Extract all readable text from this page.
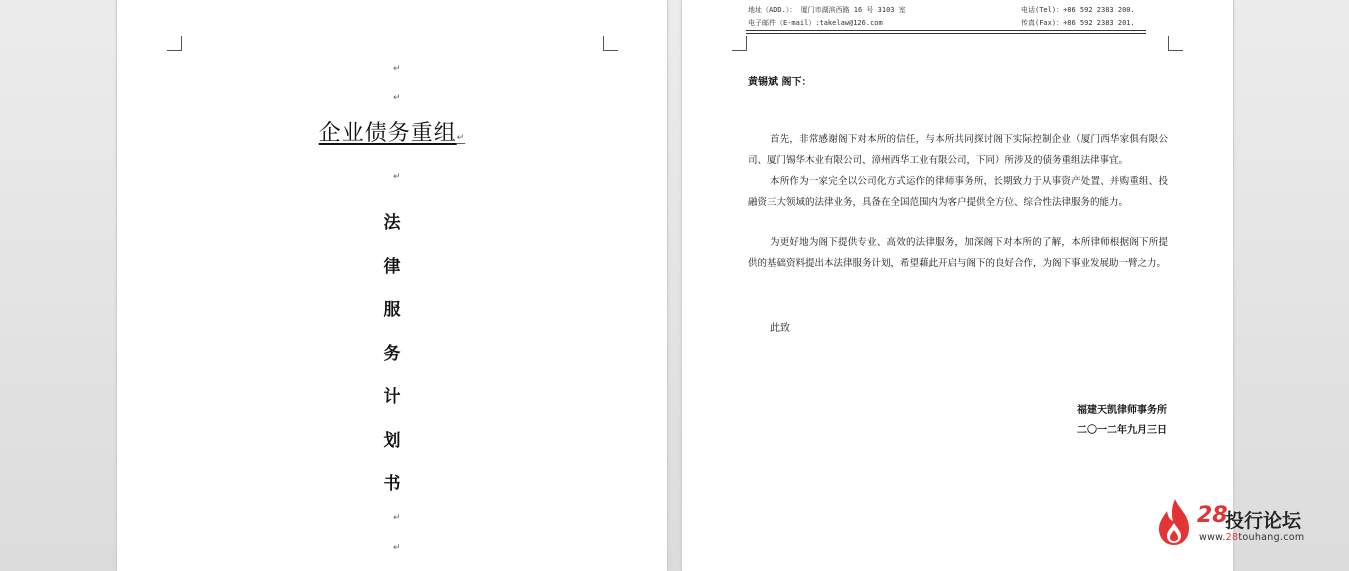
↵
↵
企业债务重组↵
↵
法
律
服
务
计
划
书
↵
↵
地址（ADD.）： 厦门市湖滨西路 16 号 3103 室
电子邮件（E-mail）:takelaw@126.com
电话(Tel)：+86 592 2383 200.
传真(Fax)：+86 592 2383 201.
黄锡斌 阁下：
首先，非常感谢阁下对本所的信任，与本所共同探讨阁下实际控制企业（厦门西华家俱有限公司、厦门锡华木业有限公司、漳州西华工业有限公司，下同）所涉及的债务重组法律事宜。
本所作为一家完全以公司化方式运作的律师事务所，长期致力于从事资产处置、并购重组、投融资三大领域的法律业务，具备在全国范围内为客户提供全方位、综合性法律服务的能力。
为更好地为阁下提供专业、高效的法律服务，加深阁下对本所的了解，本所律师根据阁下所提供的基础资料提出本法律服务计划，希望藉此开启与阁下的良好合作，为阁下事业发展助一臂之力。
此致
福建天凯律师事务所
二〇一二年九月三日
28
投行论坛
www.28touhang.com
